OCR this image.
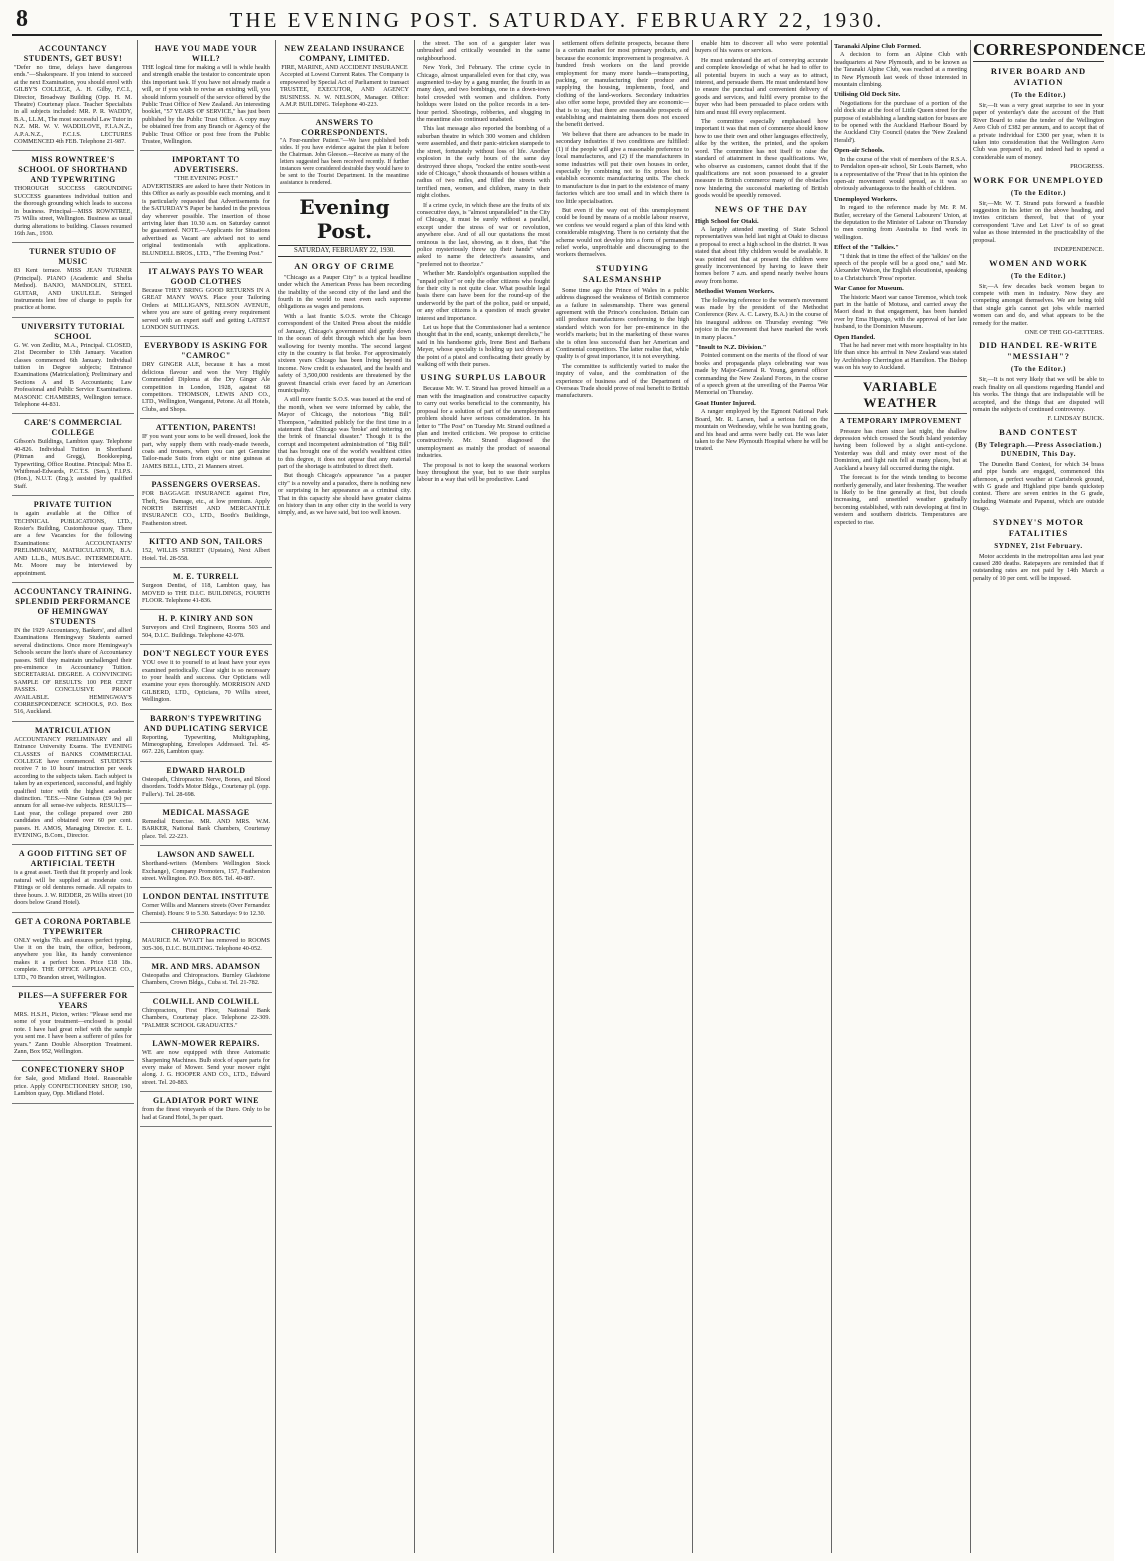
8	THE EVENING POST. SATURDAY. FEBRUARY 22, 1930.
ACCOUNTANCY STUDENTS, GET BUSY!
"Defer no time, delays have dangerous ends."—Shakespeare. If you intend to succeed at the next Examination, you should enrol with GILBY'S COLLEGE, A. H. Gilby, F.C.I., Director, Broadway Building (Opp. H. M. Theatre) Courtenay place. Teacher Specialists in all subjects included: MR. P. R. WADDY, B.A., LL.M., The most successful Law Tutor in N.Z. MR. W. V. WADDILOVE, F.I.A.N.Z., A.P.A.N.Z., F.C.I.S. LECTURES COMMENCED 4th FEB. Telephone 21-987.
MISS ROWNTREE'S SCHOOL OF SHORTHAND AND TYPEWRITING
THOROUGH SUCCESS GROUNDING SUCCESS guarantees individual tuition and the thorough grounding which leads to success in business. Principal—MISS ROWNTREE, 75 Willis street, Wellington. Business as usual during alterations to building. Classes resumed 16th Jan., 1930.
TURNER STUDIO OF MUSIC
83 Kent terrace. MISS JEAN TURNER (Principal). PIANO (Academic and Shelta Method). BANJO, MANDOLIN, STEEL GUITAR, AND UKULELE. Stringed instruments lent free of charge to pupils for practice at home.
UNIVERSITY TUTORIAL SCHOOL
G. W. von Zedlitz, M.A., Principal. CLOSED, 21st December to 13th January. Vacation classes commenced 6th January. Individual tuition in Degree subjects; Entrance Examinations (Matriculation); Preliminary and Sections A and B Accountants; Law Professional and Public Service Examinations. MASONIC CHAMBERS, Wellington terrace. Telephone 44-831.
CARE'S COMMERCIAL COLLEGE
Gibson's Buildings, Lambton quay. Telephone 40-826. Individual Tuition in Shorthand (Pitman and Gregg), Bookkeeping, Typewriting, Office Routine. Principal: Miss E. Whitbread-Edwards, P.C.T.S. (Sen.), F.I.P.S. (Hon.), N.U.T. (Eng.); assisted by qualified Staff.
PRIVATE TUITION
is again available at the Office of TECHNICAL PUBLICATIONS, LTD., Rosier's Building, Customhouse quay. There are a few Vacancies for the following Examinations: ACCOUNTANTS' PRELIMINARY, MATRICULATION, B.A. AND LL.B., MUS.BAC. INTERMEDIATE. Mr. Moore may be interviewed by appointment.
ACCOUNTANCY TRAINING. SPLENDID PERFORMANCE OF HEMINGWAY STUDENTS
IN the 1929 Accountancy, Bankers', and allied Examinations Hemingway Students earned several distinctions. Once more Hemingway's Schools secure the lion's share of Accountancy passes. Still they maintain unchallenged their pre-eminence in Accountancy Tuition. SECRETARIAL DEGREE. A CONVINCING SAMPLE OF RESULTS: 100 PER CENT PASSES. CONCLUSIVE PROOF AVAILABLE. HEMINGWAY'S CORRESPONDENCE SCHOOLS, P.O. Box 516, Auckland.
MATRICULATION
ACCOUNTANCY PRELIMINARY and all Entrance University Exams. The EVENING CLASSES of BANKS COMMERCIAL COLLEGE have commenced. STUDENTS receive 7 to 10 hours' instruction per week according to the subjects taken. Each subject is taken by an experienced, successful, and highly qualified tutor with the highest academic distinction. "EES.—Nine Guineas (£9 9s) per annum for all sense-ive subjects. RESULTS—Last year, the college prepared over 280 candidates and obtained over 60 per cent. passes. H. AMOS, Managing Director. E. L. EVENING, B.Com., Director.
A GOOD FITTING SET OF ARTIFICIAL TEETH
is a great asset. Teeth that fit properly and look natural will be supplied at moderate cost. Fittings or old dentures remade. All repairs to three hours. J. W. RIDDER, 26 Willis street (10 doors below Grand Hotel).
GET A CORONA PORTABLE TYPEWRITER
ONLY weighs 7lb. and ensures perfect typing. Use it on the train, the office, bedroom, anywhere you like, its handy convenience makes it a perfect boon. Price £18 18s. complete. THE OFFICE APPLIANCE CO., LTD., 70 Brandon street, Wellington.
PILES—A SUFFERER FOR YEARS
MRS. H.S.H., Picton, writes: "Please send me some of your treatment—enclosed is postal note. I have had great relief with the sample you sent me. I have been a sufferer of piles for years." Zann Double Absorption Treatment. Zann, Box 952, Wellington.
CONFECTIONERY SHOP
for Sale, good Midland Hotel. Reasonable price. Apply CONFECTIONERY SHOP, 190, Lambton quay, Opp. Midland Hotel.
HAVE YOU MADE YOUR WILL?
THE logical time for making a will is while health and strength enable the testator to concentrate upon this important task. If you have not already made a will, or if you wish to revise an existing will, you should inform yourself of the service offered by the Public Trust Office of New Zealand. An interesting booklet, "57 YEARS OF SERVICE," has just been published by the Public Trust Office. A copy may be obtained free from any Branch or Agency of the Public Trust Office or post free from the Public Trustee, Wellington.
IMPORTANT TO ADVERTISERS.
"THE EVENING POST."
ADVERTISERS are asked to have their Notices in this Office as early as possible each morning, and it is particularly requested that Advertisements for the SATURDAY'S Paper be handed in the previous day wherever possible. The insertion of those arriving later than 10.30 a.m. on Saturday cannot be guaranteed. NOTE.—Applicants for Situations advertised as Vacant are advised not to send original testimonials with applications. BLUNDELL BROS., LTD., "The Evening Post."
IT ALWAYS PAYS TO WEAR GOOD CLOTHES
Because THEY BRING GOOD RETURNS IN A GREAT MANY WAYS. Place your Tailoring Orders at MILLIGAN'S, NELSON AVENUE, where you are sure of getting every requirement served with an expert staff and getting LATEST LONDON SUITINGS.
EVERYBODY IS ASKING FOR "CAMROC"
DRY GINGER ALE, because it has a most delicious flavour and won the Very Highly Commended Diploma at the Dry Ginger Ale competition in London, 1928, against 68 competitors. THOMSON, LEWIS AND CO., LTD., Wellington, Wanganui, Petone. At all Hotels, Clubs, and Shops.
ATTENTION, PARENTS!
IF you want your sons to be well dressed, look the part, why supply them with ready-made tweeds, coats and trousers, when you can get Genuine Tailor-made Suits from eight or nine guineas at JAMES BELL, LTD., 21 Manners street.
PASSENGERS OVERSEAS.
FOR BAGGAGE INSURANCE against Fire, Theft, Sea Damage, etc., at low premium. Apply NORTH BRITISH AND MERCANTILE INSURANCE CO., LTD., Booth's Buildings, Featherston street.
KITTO AND SON, TAILORS
152, WILLIS STREET (Upstairs), Next Albert Hotel. Tel. 28-558.
M. E. TURRELL
Surgeon Dentist, of 118, Lambton quay, has MOVED to THE D.I.C. BUILDINGS, FOURTH FLOOR. Telephone 41-836.
H. P. KINIRY AND SON
Surveyors and Civil Engineers, Rooms 503 and 504, D.I.C. Buildings. Telephone 42-978.
DON'T NEGLECT YOUR EYES
YOU owe it to yourself to at least have your eyes examined periodically. Clear sight is so necessary to your health and success. Our Opticians will examine your eyes thoroughly. MORRISON AND GILBERD, LTD., Opticians, 70 Willis street, Wellington.
BARRON'S TYPEWRITING AND DUPLICATING SERVICE
Reporting, Typewriting, Multigraphing, Mimeographing, Envelopes Addressed. Tel. 45-667. 226, Lambton quay.
EDWARD HAROLD
Osteopath, Chiropractor. Nerve, Bones, and Blood disorders. Todd's Motor Bldgs., Courtenay pl. (opp. Fuller's). Tel. 28-698.
MEDICAL MASSAGE
Remedial Exercise. MR. AND MRS. W.M. BARKER, National Bank Chambers, Courtenay place. Tel. 22-223.
LAWSON AND SAWELL
Shorthand-writers (Members Wellington Stock Exchange), Company Promoters, 157, Featherston street. Wellington. P.O. Box 805. Tel. 40-887.
LONDON DENTAL INSTITUTE
Corner Willis and Manners streets (Over Fernandez Chemist). Hours: 9 to 5.30. Saturdays: 9 to 12.30.
CHIROPRACTIC
MAURICE M. WYATT has removed to ROOMS 305-306, D.I.C. BUILDING. Telephone 40-052.
MR. AND MRS. ADAMSON
Osteopaths and Chiropractors. Burnley Gladstone Chambers, Crown Bldgs., Cuba st. Tel. 21-782.
COLWILL AND COLWILL
Chiropractors, First Floor, National Bank Chambers, Courtenay place. Telephone 22-309. "PALMER SCHOOL GRADUATES."
LAWN-MOWER REPAIRS.
WE are now equipped with three Automatic Sharpening Machines. Bulb stock of spare parts for every make of Mower. Send your mower right along. J. G. HOOPER AND CO., LTD., Edward street. Tel. 20-883.
GLADIATOR PORT WINE
from the finest vineyards of the Duro. Only to be had at Grand Hotel, 3s per quart.
NEW ZEALAND INSURANCE COMPANY, LIMITED.
FIRE, MARINE, AND ACCIDENT INSURANCE
Accepted at Lowest Current Rates. The Company is empowered by Special Act of Parliament to transact TRUSTEE, EXECUTOR, AND AGENCY BUSINESS. N. W. NELSON, Manager. Office: A.M.P. BUILDING. Telephone 40-223.
ANSWERS TO CORRESPONDENTS.
"A Four-number Patient."—We have published both sides. If you have evidence against the plan it before the Chairman. John Gleeson.—Receive as many of the letters suggested has been received recently. If further instances were considered desirable they would have to be sent to the Tourist Department. In the meantime assistance is rendered.
Evening Post.
SATURDAY, FEBRUARY 22, 1930.
AN ORGY OF CRIME

"Chicago as a Pauper City" is a typical headline under which the American Press has been recording the inability of the second city of the land and the fourth in the world to meet even such supreme obligations as wages and pensions.

With a last frantic S.O.S. wrote the Chicago correspondent of the United Press about the middle of January, Chicago's government slid gently down in the ocean of debt through which she has been wallowing for twenty months. The second largest city in the country is flat broke. For approximately sixteen years Chicago has been living beyond its income. Now credit is exhausted, and the health and safety of 3,500,000 residents are threatened by the gravest financial crisis ever faced by an American municipality.

A still more frantic S.O.S. was issued at the end of the month, when we were informed by cable, the Mayor of Chicago, the notorious "Big Bill" Thompson, "admitted publicly for the first time in a statement that Chicago was 'broke' and tottering on the brink of financial disaster." Though it is the corrupt and incompetent administration of "Big Bill" that has brought one of the world's wealthiest cities to this degree, it does not appear that any material part of the shortage is attributed to direct theft.

But though Chicago's appearance "as a pauper city" is a novelty and a paradox, there is nothing new or surprising in her appearance as a criminal city. That in this capacity she should have greater claims on history than in any other city in the world is very simply, and, as we have said, but too well known.

the street. The son of a gangster later was unbrushed and critically wounded in the same neighbourhood.

New York, 3rd February. The crime cycle in Chicago, almost unparalleled even for that city, was augmented to-day by a gang murder, the fourth in as many days, and two bombings, one in a down-town hotel crowded with women and children. Forty holdups were listed on the police records in a ten-hour period. Shootings, robberies, and slugging in the meantime also continued unabated.

This last message also reported the bombing of a suburban theatre in which 300 women and children were assembled, and their panic-stricken stampede to the street, fortunately without loss of life. Another explosion in the early hours of the same day destroyed three shops, "rocked the entire south-west side of Chicago," shook thousands of houses within a radius of two miles, and filled the streets with terrified men, women, and children, many in their night clothes.

If a crime cycle, in which these are the fruits of six consecutive days, is "almost unparalleled" in the City of Chicago, it must be surely without a parallel, except under the stress of war or revolution, anywhere else. And of all our quotations the most ominous is the last, showing, as it does, that "the police mysteriously threw up their hands" when asked to name the detective's assassins, and "preferred not to theorize."

Whether Mr. Randolph's organisation supplied the "unpaid police" or only the other citizens who fought for their city is not quite clear. What possible legal basis there can have been for the round-up of the underworld by the part of the police, paid or unpaid, or any other citizens is a question of much greater interest and importance.

Let us hope that the Commissioner had a sentence thought that in the end, scanty, unkempt derelicts," he said in his handsome girls, Irene Best and Barbara Meyer, whose specialty is holding up taxi drivers at the point of a pistol and confiscating their greatly by walking off with their purses.

USING SURPLUS LABOUR

Because Mr. W. T. Strand has proved himself as a man with the imagination and constructive capacity to carry out works beneficial to the community, his proposal for a solution of part of the unemployment problem should have serious consideration. In his letter to "The Post" on Tuesday Mr. Strand outlined a plan and invited criticism. We propose to criticise constructively. Mr. Strand diagnosed the unemployment as mainly the product of seasonal industries.

The proposal is not to keep the seasonal workers busy throughout the year, but to use their surplus labour in a way that will be productive. Land

settlement offers definite prospects, because there is a certain market for most primary products, and because the economic improvement is progressive. A hundred fresh workers on the land provide employment for many more hands—transporting, packing, or manufacturing their produce and supplying the housing, implements, food, and clothing of the land-workers. Secondary industries also offer some hope, provided they are economic—that is to say, that there are reasonable prospects of establishing and maintaining them does not exceed the benefit derived.

We believe that there are advances to be made in secondary industries if two conditions are fulfilled: (1) if the people will give a reasonable preference to local manufactures, and (2) if the manufacturers in some industries will put their own houses in order, especially by combining not to fix prices but to establish economic manufacturing units. The check to manufacture is due in part to the existence of many factories which are too small and in which there is too little specialisation.

But even if the way out of this unemployment could be found by means of a mobile labour reserve, we confess we would regard a plan of this kind with considerable misgiving. There is no certainty that the scheme would not develop into a form of permanent relief works, unprofitable and discouraging to the workers themselves.

STUDYING SALESMANSHIP

Some time ago the Prince of Wales in a public address diagnosed the weakness of British commerce as a failure in salesmanship. There was general agreement with the Prince's conclusion. Britain can still produce manufactures conforming to the high standard which won for her pre-eminence in the world's markets; but in the marketing of these wares she is often less successful than her American and Continental competitors. The latter realise that, while quality is of great importance, it is not everything.

The committee is sufficiently varied to make the inquiry of value, and the combination of the experience of business and of the Department of Overseas Trade should prove of real benefit to British manufacturers.

enable him to discover all who were potential buyers of his wares or services.

He must understand the art of conveying accurate and complete knowledge of what he had to offer to all potential buyers in such a way as to attract, interest, and persuade them. He must understand how to ensure the punctual and convenient delivery of goods and services, and fulfil every promise to the buyer who had been persuaded to place orders with him and must fill every replacement.

The committee especially emphasised how important it was that men of commerce should know how to use their own and other languages effectively, alike by the written, the printed, and the spoken word. The committee has not itself to raise the standard of attainment in these qualifications. We, who observe as customers, cannot doubt that if the qualifications are not soon possessed to a greater measure in British commerce many of the obstacles now hindering the successful marketing of British goods would be speedily removed.

NEWS OF THE DAY
High School for Otaki.

A largely attended meeting of State School representatives was held last night at Otaki to discuss a proposal to erect a high school in the district. It was stated that about fifty children would be available. It was pointed out that at present the children were greatly inconvenienced by having to leave their homes before 7 a.m. and spend nearly twelve hours away from home.

Methodist Women Workers.

The following reference to the women's movement was made by the president of the Methodist Conference (Rev. A. C. Lawry, B.A.) in the course of his inaugural address on Thursday evening: "We rejoice in the movement that have marked the work in many places."

"Insult to N.Z. Division."

Pointed comment on the merits of the flood of war books and propaganda plays celebrating war was made by Major-General R. Young, general officer commanding the New Zealand Forces, in the course of a speech given at the unveiling of the Paeroa War Memorial on Thursday.

Goat Hunter Injured.

A ranger employed by the Egmont National Park Board, Mr. R. Larsen, had a serious fall on the mountain on Wednesday, while he was hunting goats, and his head and arms were badly cut. He was later taken to the New Plymouth Hospital where he will be treated.

Taranaki Alpine Club Formed.

A decision to form an Alpine Club with headquarters at New Plymouth, and to be known as the Taranaki Alpine Club, was reached at a meeting in New Plymouth last week of those interested in mountain climbing.

Utilising Old Dock Site.

Negotiations for the purchase of a portion of the old dock site at the foot of Little Queen street for the purpose of establishing a landing station for buses are to be opened with the Auckland Harbour Board by the Auckland City Council (states the 'New Zealand Herald').

Open-air Schools.

In the course of the visit of members of the R.S.A. to Pendalton open-air school, Sir Louis Barnett, who is a representative of the 'Press' that in his opinion the open-air movement would spread, as it was so obviously advantageous to the health of children.

Unemployed Workers.

In regard to the reference made by Mr. P. M. Butler, secretary of the General Labourers' Union, at the deputation to the Minister of Labour on Thursday to men coming from Australia to find work in Wellington.

Effect of the "Talkies."

"I think that in time the effect of the 'talkies' on the speech of the people will be a good one," said Mr. Alexander Watson, the English elocutionist, speaking to a Christchurch 'Press' reporter.

War Canoe for Museum.

The historic Maori war canoe Teremoe, which took part in the battle of Motuoa, and carried away the Maori dead in that engagement, has been handed over by Ema Hipango, with the approval of her late husband, to the Dominion Museum.

Open Handed.

That he had never met with more hospitality in his life than since his arrival in New Zealand was stated by Archbishop Cherrington at Hamilton. The Bishop was on his way to Auckland.

VARIABLE WEATHER
A TEMPORARY IMPROVEMENT

Pressure has risen since last night, the shallow depression which crossed the South Island yesterday having been followed by a slight anti-cyclone. Yesterday was dull and misty over most of the Dominion, and light rain fell at many places, but at Auckland a heavy fall occurred during the night.

The forecast is for the winds tending to become northerly generally, and later freshening. The weather is likely to be fine generally at first, but clouds increasing, and unsettled weather gradually becoming established, with rain developing at first in western and southern districts. Temperatures are expected to rise.

CORRESPONDENCE
RIVER BOARD AND AVIATION
(To the Editor.)

Sir,—It was a very great surprise to see in your paper of yesterday's date the account of the Hutt River Board to raise the tender of the Wellington Aero Club of £382 per annum, and to accept that of a private individual for £300 per year, when it is taken into consideration that the Wellington Aero Club was prepared to, and indeed had to spend a considerable sum of money.

PROGRESS.
WORK FOR UNEMPLOYED
(To the Editor.)

Sir,—Mr. W. T. Strand puts forward a feasible suggestion in his letter on the above heading, and invites criticism thereof, but that of your correspondent 'Live and Let Live' is of so great value as those interested in the practicability of the proposal.

INDEPENDENCE.
WOMEN AND WORK
(To the Editor.)

Sir,—A few decades back women began to compete with men in industry. Now they are competing amongst themselves. We are being told that single girls cannot get jobs while married women can and do, and what appears to be the remedy for the matter.

ONE OF THE GO-GETTERS.
DID HANDEL RE-WRITE "MESSIAH"?
(To the Editor.)

Sir,—It is not very likely that we will be able to reach finality on all questions regarding Handel and his works. The things that are indisputable will be accepted, and the things that are disputed will remain the subjects of continued controversy.

F. LINDSAY BUICK.
BAND CONTEST
(By Telegraph.—Press Association.) DUNEDIN, This Day.

The Dunedin Band Contest, for which 34 brass and pipe bands are engaged, commenced this afternoon, a perfect weather at Carisbrook ground, with G grade and Highland pipe bands quickstep contest. There are seven entries in the G grade, including Waimate and Papanui, which are outside Otago.

SYDNEY'S MOTOR FATALITIES
SYDNEY, 21st February.

Motor accidents in the metropolitan area last year caused 280 deaths. Ratepayers are reminded that if outstanding rates are not paid by 14th March a penalty of 10 per cent. will be imposed.
